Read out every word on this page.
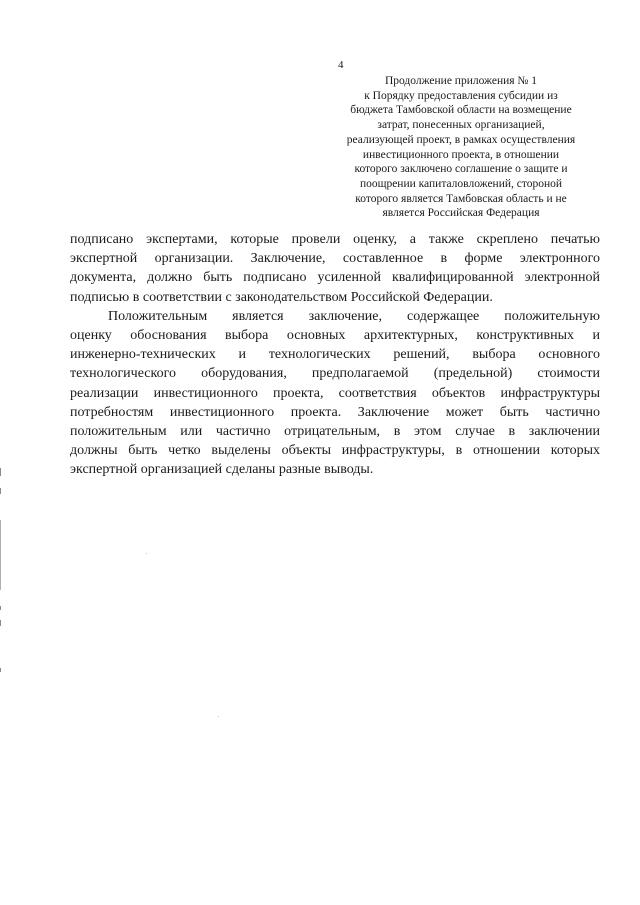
4
Продолжение приложения № 1
к Порядку предоставления субсидии из
бюджета Тамбовской области на возмещение
затрат, понесенных организацией,
реализующей проект, в рамках осуществления
инвестиционного проекта, в отношении
которого заключено соглашение о защите и
поощрении капиталовложений, стороной
которого является Тамбовская область и не
является Российская Федерация
подписано экспертами, которые провели оценку, а также скреплено печатью
экспертной организации. Заключение, составленное в форме электронного
документа, должно быть подписано усиленной квалифицированной электронной
подписью в соответствии с законодательством Российской Федерации.
Положительным является заключение, содержащее положительную
оценку обоснования выбора основных архитектурных, конструктивных и
инженерно-технических и технологических решений, выбора основного
технологического оборудования, предполагаемой (предельной) стоимости
реализации инвестиционного проекта, соответствия объектов инфраструктуры
потребностям инвестиционного проекта. Заключение может быть частично
положительным или частично отрицательным, в этом случае в заключении
должны быть четко выделены объекты инфраструктуры, в отношении которых
экспертной организацией сделаны разные выводы.
